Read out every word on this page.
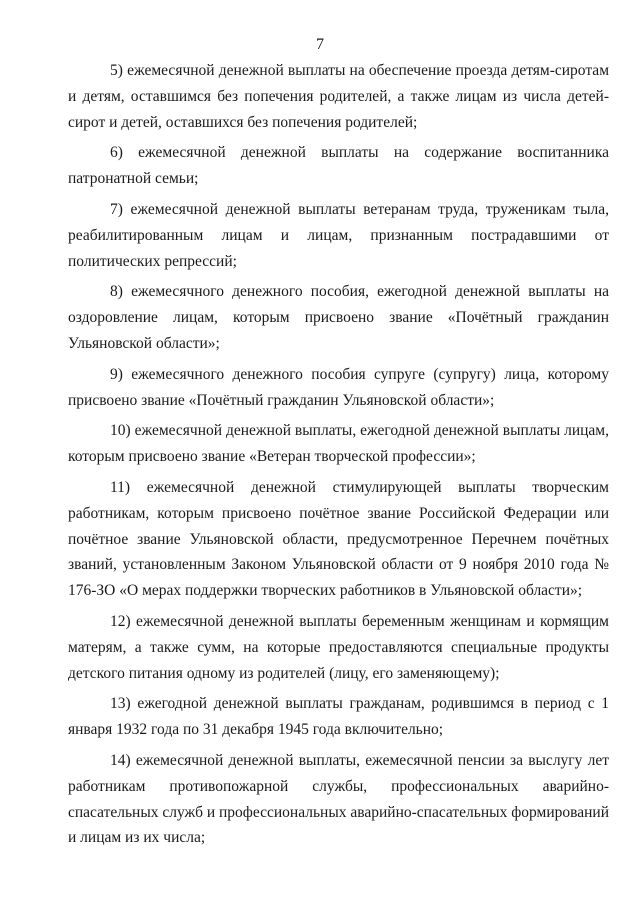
7

5) ежемесячной денежной выплаты на обеспечение проезда детям-сиротам и детям, оставшимся без попечения родителей, а также лицам из числа детей-сирот и детей, оставшихся без попечения родителей;

6) ежемесячной денежной выплаты на содержание воспитанника патронатной семьи;

7) ежемесячной денежной выплаты ветеранам труда, труженикам тыла, реабилитированным лицам и лицам, признанным пострадавшими от политических репрессий;

8) ежемесячного денежного пособия, ежегодной денежной выплаты на оздоровление лицам, которым присвоено звание «Почётный гражданин Ульяновской области»;

9) ежемесячного денежного пособия супруге (супругу) лица, которому присвоено звание «Почётный гражданин Ульяновской области»;

10) ежемесячной денежной выплаты, ежегодной денежной выплаты лицам, которым присвоено звание «Ветеран творческой профессии»;

11) ежемесячной денежной стимулирующей выплаты творческим работникам, которым присвоено почётное звание Российской Федерации или почётное звание Ульяновской области, предусмотренное Перечнем почётных званий, установленным Законом Ульяновской области от 9 ноября 2010 года № 176-ЗО «О мерах поддержки творческих работников в Ульяновской области»;

12) ежемесячной денежной выплаты беременным женщинам и кормящим матерям, а также сумм, на которые предоставляются специальные продукты детского питания одному из родителей (лицу, его заменяющему);

13) ежегодной денежной выплаты гражданам, родившимся в период с 1 января 1932 года по 31 декабря 1945 года включительно;

14) ежемесячной денежной выплаты, ежемесячной пенсии за выслугу лет работникам противопожарной службы, профессиональных аварийно-спасательных служб и профессиональных аварийно-спасательных формирований и лицам из их числа;
